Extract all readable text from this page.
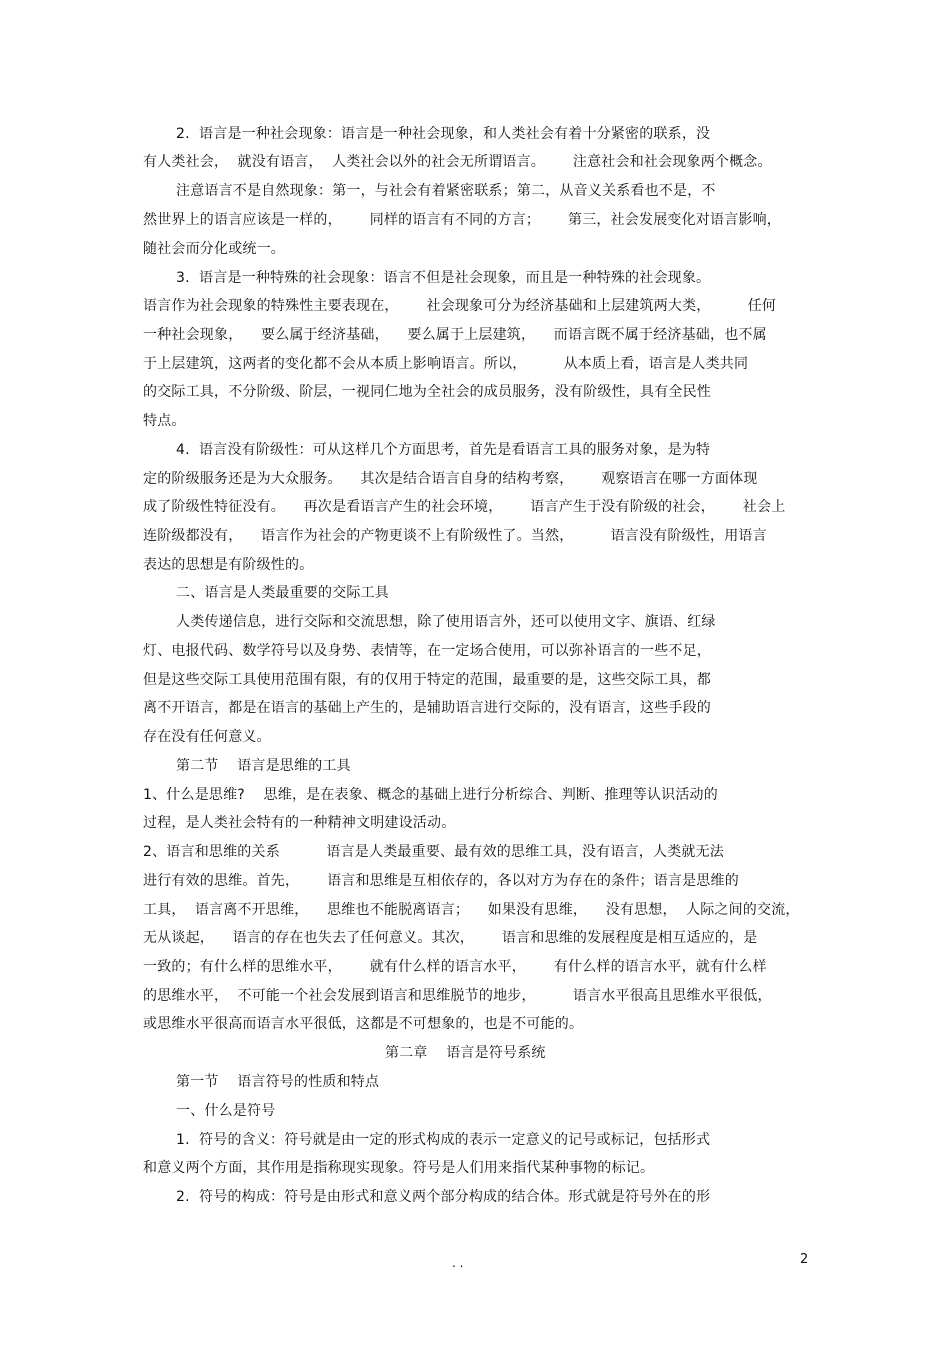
2.  语言是一种社会现象：语言是一种社会现象，和人类社会有着十分紧密的联系，没
有人类社会，  就没有语言，  人类社会以外的社会无所谓语言。      注意社会和社会现象两个概念。
注意语言不是自然现象：第一，与社会有着紧密联系；第二，从音义关系看也不是，不
然世界上的语言应该是一样的，      同样的语言有不同的方言；      第三，社会发展变化对语言影响，
随社会而分化或统一。
3.  语言是一种特殊的社会现象：语言不但是社会现象，而且是一种特殊的社会现象。
语言作为社会现象的特殊性主要表现在，      社会现象可分为经济基础和上层建筑两大类，        任何
一种社会现象，    要么属于经济基础，    要么属于上层建筑，    而语言既不属于经济基础，也不属
于上层建筑，这两者的变化都不会从本质上影响语言。所以，        从本质上看，语言是人类共同
的交际工具，不分阶级、阶层，一视同仁地为全社会的成员服务，没有阶级性，具有全民性
特点。
4.  语言没有阶级性：可从这样几个方面思考，首先是看语言工具的服务对象，是为特
定的阶级服务还是为大众服务。    其次是结合语言自身的结构考察，      观察语言在哪一方面体现
成了阶级性特征没有。    再次是看语言产生的社会环境，      语言产生于没有阶级的社会，      社会上
连阶级都没有，    语言作为社会的产物更谈不上有阶级性了。当然，        语言没有阶级性，用语言
表达的思想是有阶级性的。
二、语言是人类最重要的交际工具
人类传递信息，进行交际和交流思想，除了使用语言外，还可以使用文字、旗语、红绿
灯、电报代码、数学符号以及身势、表情等，在一定场合使用，可以弥补语言的一些不足，
但是这些交际工具使用范围有限，有的仅用于特定的范围，最重要的是，这些交际工具，都
离不开语言，都是在语言的基础上产生的，是辅助语言进行交际的，没有语言，这些手段的
存在没有任何意义。
第二节    语言是思维的工具
1、什么是思维?    思维，是在表象、概念的基础上进行分析综合、判断、推理等认识活动的
过程，是人类社会特有的一种精神文明建设活动。
2、语言和思维的关系          语言是人类最重要、最有效的思维工具，没有语言，人类就无法
进行有效的思维。首先，      语言和思维是互相依存的，各以对方为存在的条件；语言是思维的
工具，  语言离不开思维，    思维也不能脱离语言；    如果没有思维，    没有思想，  人际之间的交流，
无从谈起，    语言的存在也失去了任何意义。其次，      语言和思维的发展程度是相互适应的，是
一致的；有什么样的思维水平，      就有什么样的语言水平，      有什么样的语言水平，就有什么样
的思维水平，  不可能一个社会发展到语言和思维脱节的地步，        语言水平很高且思维水平很低，
或思维水平很高而语言水平很低，这都是不可想象的，也是不可能的。
第二章    语言是符号系统
第一节    语言符号的性质和特点
一、什么是符号
1.  符号的含义：符号就是由一定的形式构成的表示一定意义的记号或标记，包括形式
和意义两个方面，其作用是指称现实现象。符号是人们用来指代某种事物的标记。
2.  符号的构成：符号是由形式和意义两个部分构成的结合体。形式就是符号外在的形
. .	2
